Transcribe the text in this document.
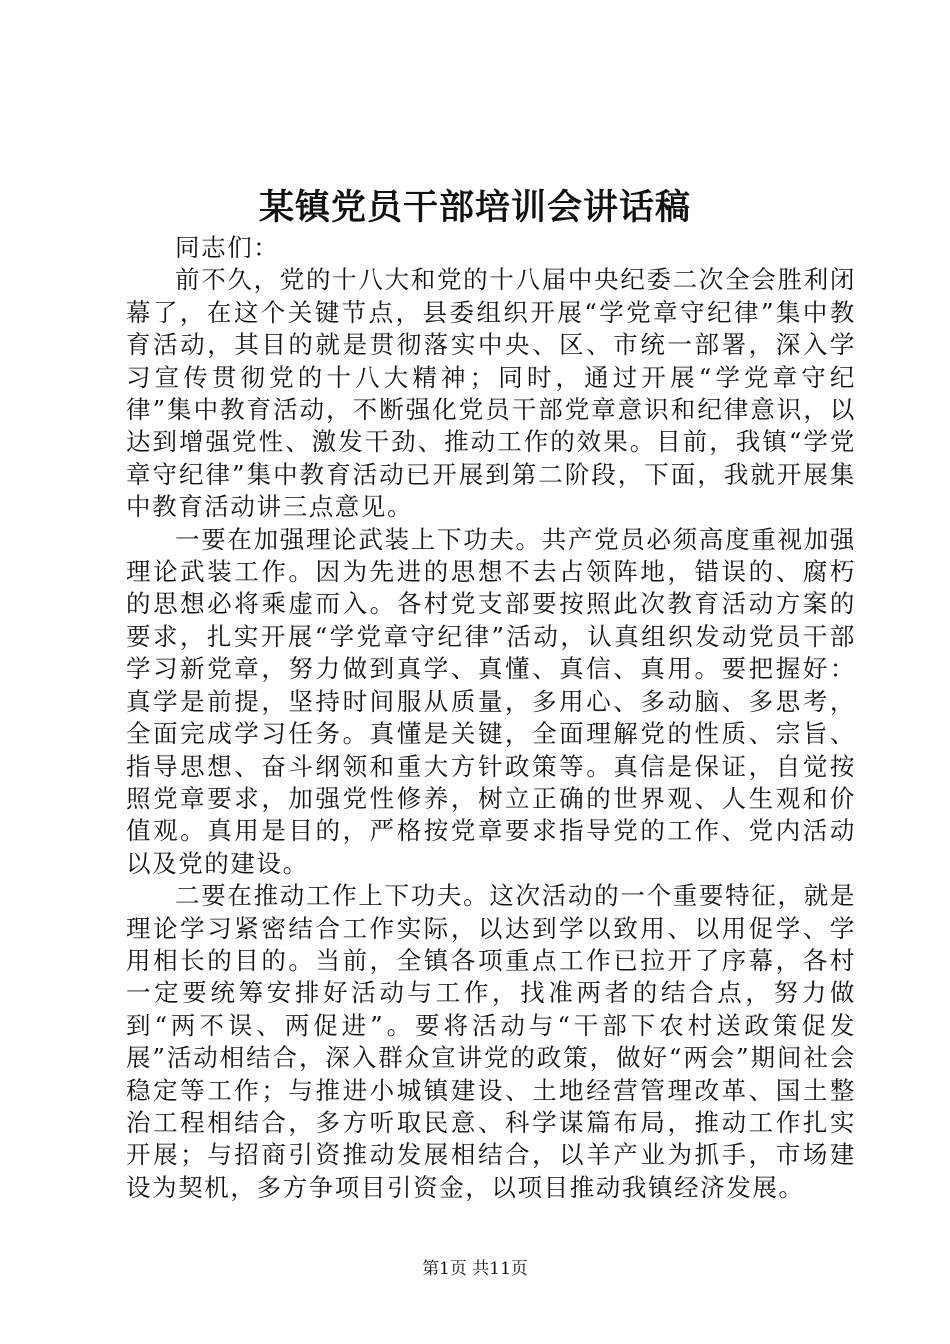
某镇党员干部培训会讲话稿

同志们：

前不久，党的十八大和党的十八届中央纪委二次全会胜利闭幕了，在这个关键节点，县委组织开展“学党章守纪律”集中教育活动，其目的就是贯彻落实中央、区、市统一部署，深入学习宣传贯彻党的十八大精神；同时，通过开展“学党章守纪律”集中教育活动，不断强化党员干部党章意识和纪律意识，以达到增强党性、激发干劲、推动工作的效果。目前，我镇“学党章守纪律”集中教育活动已开展到第二阶段，下面，我就开展集中教育活动讲三点意见。

一要在加强理论武装上下功夫。共产党员必须高度重视加强理论武装工作。因为先进的思想不去占领阵地，错误的、腐朽的思想必将乘虚而入。各村党支部要按照此次教育活动方案的要求，扎实开展“学党章守纪律”活动，认真组织发动党员干部学习新党章，努力做到真学、真懂、真信、真用。要把握好：真学是前提，坚持时间服从质量，多用心、多动脑、多思考，全面完成学习任务。真懂是关键，全面理解党的性质、宗旨、指导思想、奋斗纲领和重大方针政策等。真信是保证，自觉按照党章要求，加强党性修养，树立正确的世界观、人生观和价值观。真用是目的，严格按党章要求指导党的工作、党内活动以及党的建设。

二要在推动工作上下功夫。这次活动的一个重要特征，就是理论学习紧密结合工作实际，以达到学以致用、以用促学、学用相长的目的。当前，全镇各项重点工作已拉开了序幕，各村一定要统筹安排好活动与工作，找准两者的结合点，努力做到“两不误、两促进”。要将活动与“干部下农村送政策促发展”活动相结合，深入群众宣讲党的政策，做好“两会”期间社会稳定等工作；与推进小城镇建设、土地经营管理改革、国土整治工程相结合，多方听取民意、科学谋篇布局，推动工作扎实开展；与招商引资推动发展相结合，以羊产业为抓手，市场建设为契机，多方争项目引资金，以项目推动我镇经济发展。

第1页 共11页
